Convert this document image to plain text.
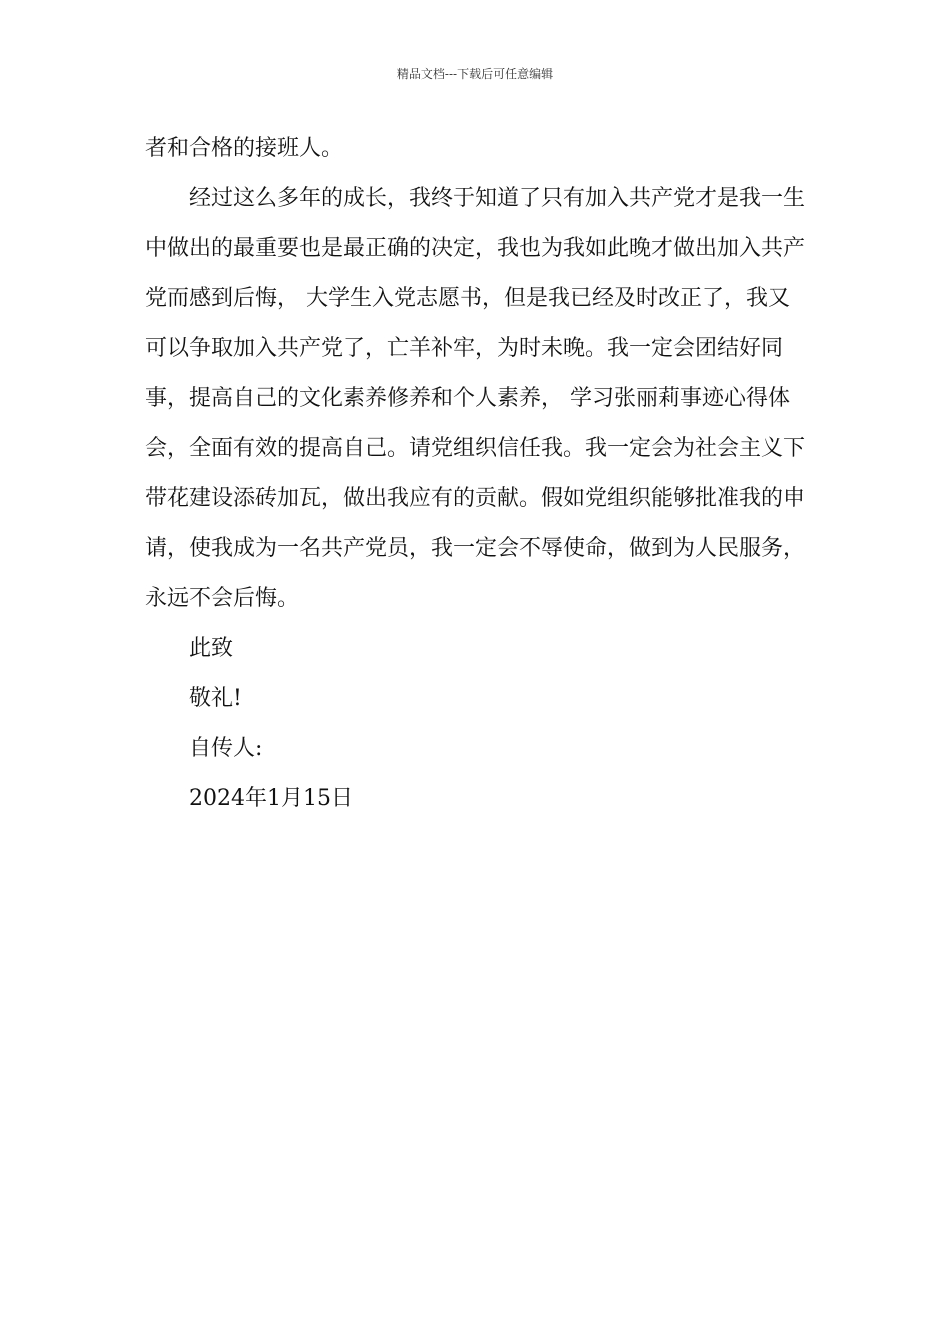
精品文档---下载后可任意编辑

者和合格的接班人。

经过这么多年的成长，我终于知道了只有加入共产党才是我一生中做出的最重要也是最正确的决定，我也为我如此晚才做出加入共产党而感到后悔， 大学生入党志愿书，但是我已经及时改正了，我又可以争取加入共产党了，亡羊补牢，为时未晚。我一定会团结好同事，提高自己的文化素养修养和个人素养， 学习张丽莉事迹心得体会，全面有效的提高自己。请党组织信任我。我一定会为社会主义下带花建设添砖加瓦，做出我应有的贡献。假如党组织能够批准我的申请，使我成为一名共产党员，我一定会不辱使命，做到为人民服务，永远不会后悔。

此致
敬礼!
自传人:
2024年1月15日
